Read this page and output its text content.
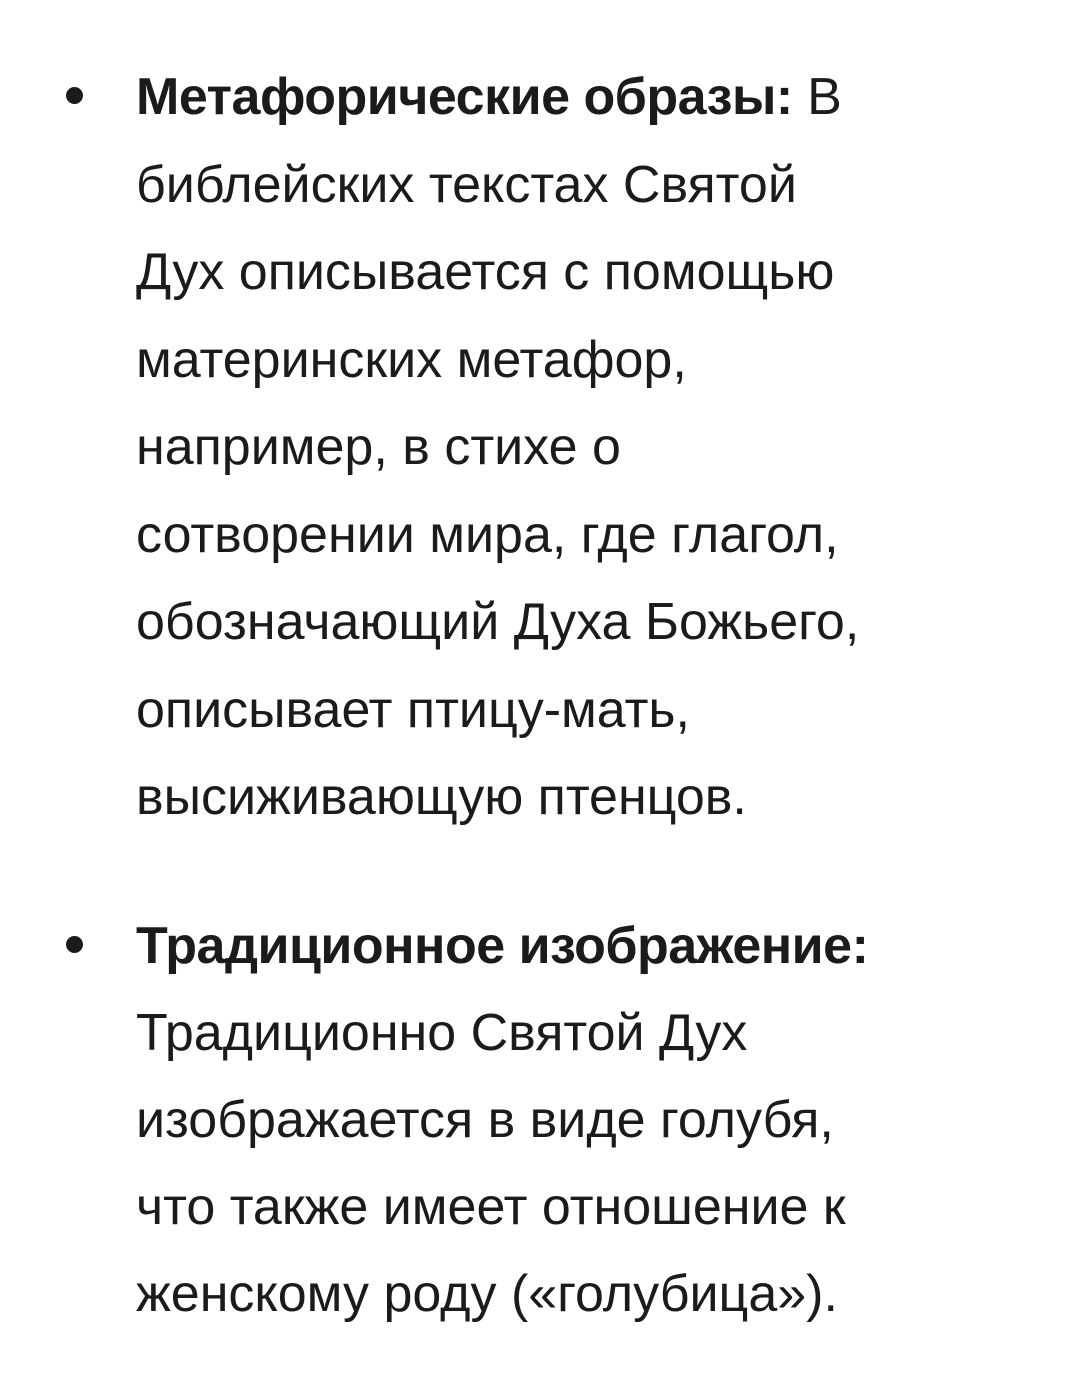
Метафорические образы: В
библейских текстах Святой
Дух описывается с помощью
материнских метафор,
например, в стихе о
сотворении мира, где глагол,
обозначающий Духа Божьего,
описывает птицу-мать,
высиживающую птенцов.
Традиционное изображение:
Традиционно Святой Дух
изображается в виде голубя,
что также имеет отношение к
женскому роду («голубица»).
